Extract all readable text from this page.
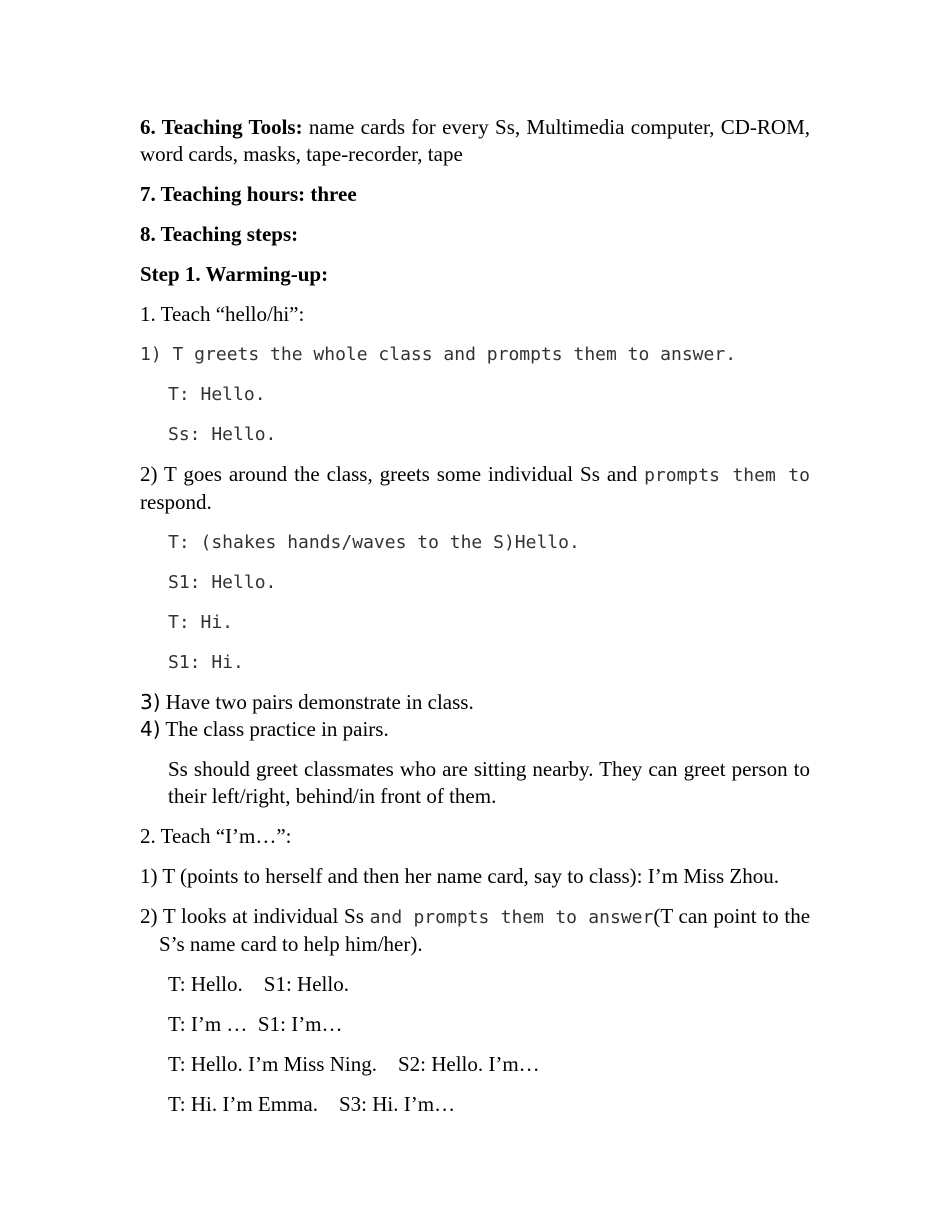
6. Teaching Tools: name cards for every Ss, Multimedia computer, CD-ROM, word cards, masks, tape-recorder, tape

7. Teaching hours: three

8. Teaching steps:

Step 1. Warming-up:

1. Teach “hello/hi”:

1) T greets the whole class and prompts them to answer.

T: Hello.

Ss: Hello.

2) T goes around the class, greets some individual Ss and prompts them to respond.

T: (shakes hands/waves to the S)Hello.

S1: Hello.

T: Hi.

S1: Hi.

3) Have two pairs demonstrate in class.

4) The class practice in pairs.

Ss should greet classmates who are sitting nearby. They can greet person to their left/right, behind/in front of them.

2. Teach “I’m…”:

1) T (points to herself and then her name card, say to class): I’m Miss Zhou.

2) T looks at individual Ss and prompts them to answer(T can point to the S’s name card to help him/her).

T: Hello.    S1: Hello.

T: I’m …  S1: I’m…

T: Hello. I’m Miss Ning.    S2: Hello. I’m…

T: Hi. I’m Emma.    S3: Hi. I’m…
